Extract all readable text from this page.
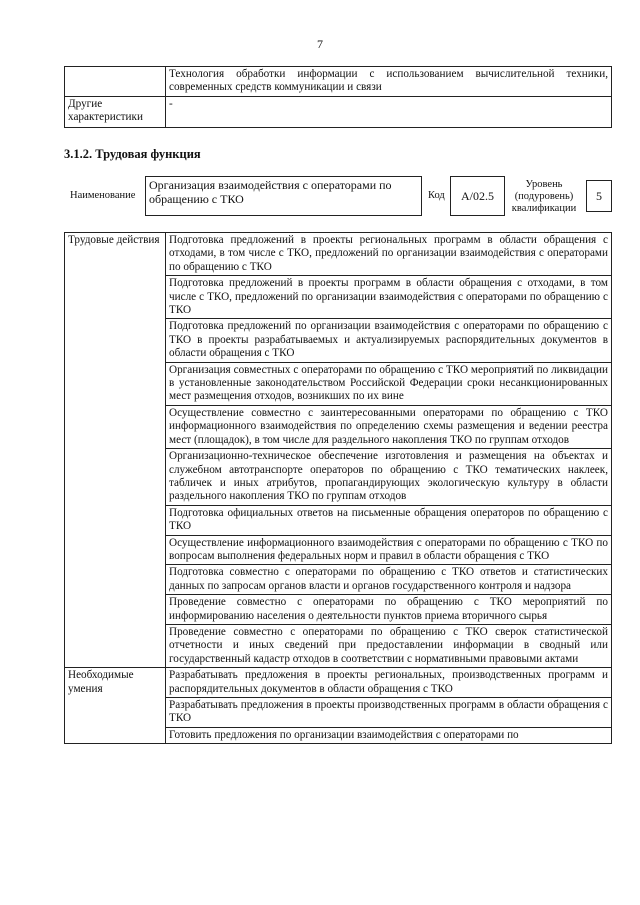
7
	Технология обработки информации с использованием вычислительной техники, современных средств коммуникации и связи
Другие характеристики	-
3.1.2. Трудовая функция
Наименование
Организация взаимодействия с операторами по обращению с ТКО	Код	А/02.5
Уровень (подуровень) квалификации
5
Трудовые действия	Подготовка предложений в проекты региональных программ в области обращения с отходами, в том числе с ТКО, предложений по организации взаимодействия с операторами по обращению с ТКО
	Подготовка предложений в проекты программ в области обращения с отходами, в том числе с ТКО, предложений по организации взаимодействия с операторами по обращению с ТКО
	Подготовка предложений по организации взаимодействия с операторами по обращению с ТКО в проекты разрабатываемых и актуализируемых распорядительных документов в области обращения с ТКО
	Организация совместных с операторами по обращению с ТКО мероприятий по ликвидации в установленные законодательством Российской Федерации сроки несанкционированных мест размещения отходов, возникших по их вине
	Осуществление совместно с заинтересованными операторами по обращению с ТКО информационного взаимодействия по определению схемы размещения и ведении реестра мест (площадок), в том числе для раздельного накопления ТКО по группам отходов
	Организационно-техническое обеспечение изготовления и размещения на объектах и служебном автотранспорте операторов по обращению с ТКО тематических наклеек, табличек и иных атрибутов, пропагандирующих экологическую культуру в области раздельного накопления ТКО по группам отходов
	Подготовка официальных ответов на письменные обращения операторов по обращению с ТКО
	Осуществление информационного взаимодействия с операторами по обращению с ТКО по вопросам выполнения федеральных норм и правил в области обращения с ТКО
	Подготовка совместно с операторами по обращению с ТКО ответов и статистических данных по запросам органов власти и органов государственного контроля и надзора
	Проведение совместно с операторами по обращению с ТКО мероприятий по информированию населения о деятельности пунктов приема вторичного сырья
	Проведение совместно с операторами по обращению с ТКО сверок статистической отчетности и иных сведений при предоставлении информации в сводный или государственный кадастр отходов в соответствии с нормативными правовыми актами
Необходимые умения	Разрабатывать предложения в проекты региональных, производственных программ и распорядительных документов в области обращения с ТКО
	Разрабатывать предложения в проекты производственных программ в области обращения с ТКО
	Готовить предложения по организации взаимодействия с операторами по
